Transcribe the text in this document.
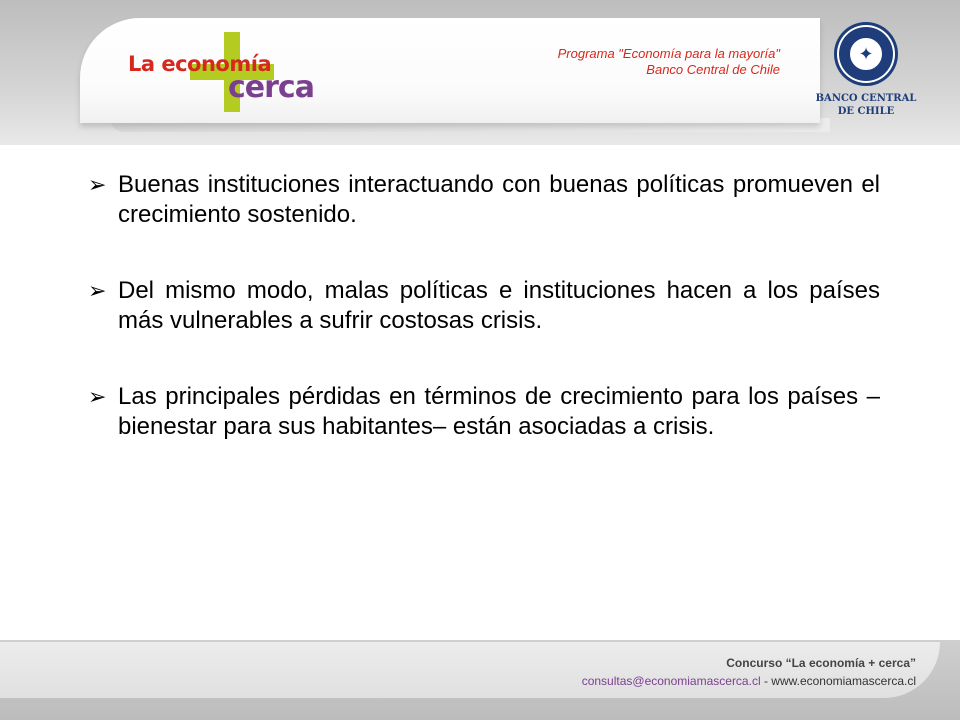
La economía
cerca
Programa "Economía para la mayoría"
Banco Central de Chile
✦
BANCO CENTRAL
DE CHILE
➢ Buenas instituciones interactuando con buenas políticas promueven el crecimiento sostenido.
➢ Del mismo modo, malas políticas e instituciones hacen a los países más vulnerables a sufrir costosas crisis.
➢ Las principales pérdidas en términos de crecimiento para los países –bienestar para sus habitantes– están asociadas a crisis.
Concurso “La economía + cerca”
consultas@economiamascerca.cl - www.economiamascerca.cl
